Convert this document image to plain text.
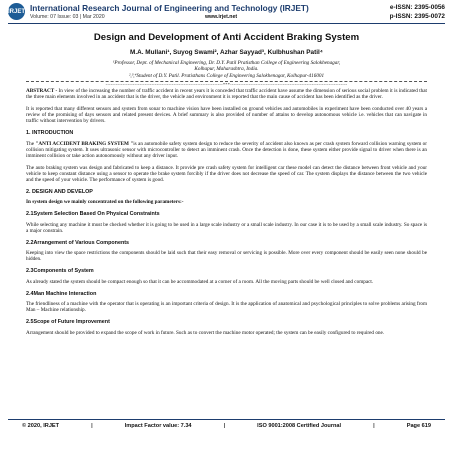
IRJET International Research Journal of Engineering and Technology (IRJET)	e-ISSN: 2395-0056
Volume: 07 Issue: 03 | Mar 2020	www.irjet.net	p-ISSN: 2395-0072
Design and Development of Anti Accident Braking System
M.A. Mullani¹, Suyog Swami², Azhar Sayyad³, Kulbhushan Patil⁴
¹Professor, Dept. of Mechanical Engineering, Dr. D.Y. Patil Pratisthan College of Engineering Salokhenagar,
Kolhapur, Maharashtra, India.
²,³,⁴Student of D.Y. Patil. Pratisthans College of Engineering Salokhenagar, Kolhapur-416001
---------------------------------------------------------------------***---------------------------------------------------------------------

ABSTRACT - In view of the increasing the number of traffic accident in recent years it is conceded that traffic accident have assume the dimension of serious social problem it is indicated that the three main elements involved in an accident that is the driver, the vehicle and environment it is reported that the main cause of accident has been identified as the driver.

It is reported that many different sensors and system from sonar to machine vision have been installed on ground vehicles and automobiles in experiment have been conducted over 40 years a review of the promising of days sensors and related present devices. A brief summary is also provided of number of attains to develop autonomous vehicle i.e. vehicles that can navigate in traffic without intervention by drivers.

1. INTRODUCTION

The "ANTI ACCIDENT BRAKING SYSTEM "is an automobile safety system design to reduce the severity of accident also known as per crash system forward collision warning system or collision mitigating system. It uses ultrasonic sensor with microcontroller to detect an imminent crash. Once the detection is done, these system either provide signal to driver when there is an imminent collision or take action autonomously without any driver input.

The auto braking system was design and fabricated to keep a distance. It provide pre crash safety system for intelligent car these model can detect the distance between front vehicle and your vehicle to keep constant distance using a sensor to operate the brake system forcibly if the driver does not decrease the speed of car. The system displays the distance between the two vehicle and the speed of your vehicle. The performance of system is good.

2. DESIGN AND DEVELOP

In system design we mainly concentrated on the following parameters:-

2.1System Selection Based On Physical Constraints

While selecting any machine it must be checked whether it is going to be used in a large scale industry or a small scale industry. In our case it is to be used by a small scale industry. So space is a major constrain.

2.2Arrangement of Various Components

Keeping into view the space restrictions the components should be laid such that their easy removal or servicing is possible. More over every component should be easily seen none should be hidden.

2.3Components of System

As already stated the system should be compact enough so that it can be accommodated at a corner of a room. All the moving parts should be well closed and compact.

2.4Man Machine Interaction

The friendliness of a machine with the operator that is operating is an important criteria of design. It is the application of anatomical and psychological principles to solve problems arising from Man – Machine relationship.

2.5Scope of Future Improvement

Arrangement should be provided to expand the scope of work in future. Such as to convert the machine motor operated; the system can be easily configured to required one.

© 2020, IRJET	|	Impact Factor value: 7.34	|	ISO 9001:2008 Certified Journal	|	Page 619
